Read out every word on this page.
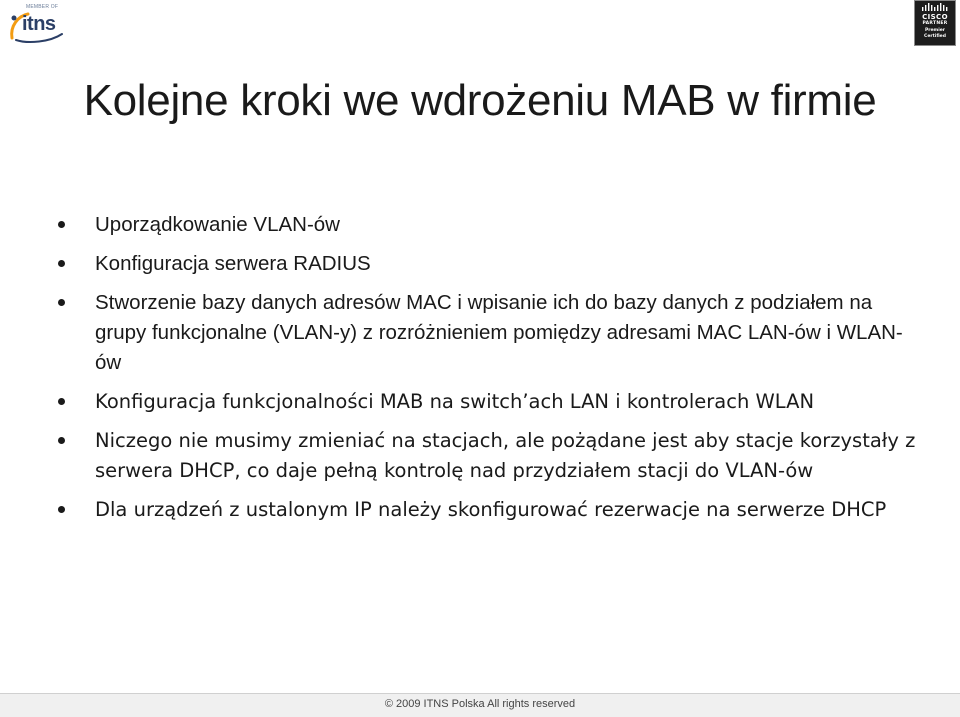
MEMBER OF
itns	CISCO
PARTNER
Premier
Certified
Kolejne kroki we wdrożeniu MAB w firmie
Uporządkowanie VLAN-ów
Konfiguracja serwera RADIUS
Stworzenie bazy danych adresów MAC i wpisanie ich do bazy danych z podziałem na grupy funkcjonalne (VLAN-y) z rozróżnieniem pomiędzy adresami MAC LAN-ów i WLAN-ów
Konfiguracja funkcjonalności MAB na switch’ach LAN i kontrolerach WLAN
Niczego nie musimy zmieniać na stacjach, ale pożądane jest aby stacje korzystały z serwera DHCP, co daje pełną kontrolę nad przydziałem stacji do VLAN-ów
Dla urządzeń z ustalonym IP należy skonfigurować rezerwacje na serwerze DHCP
© 2009 ITNS Polska All rights reserved
